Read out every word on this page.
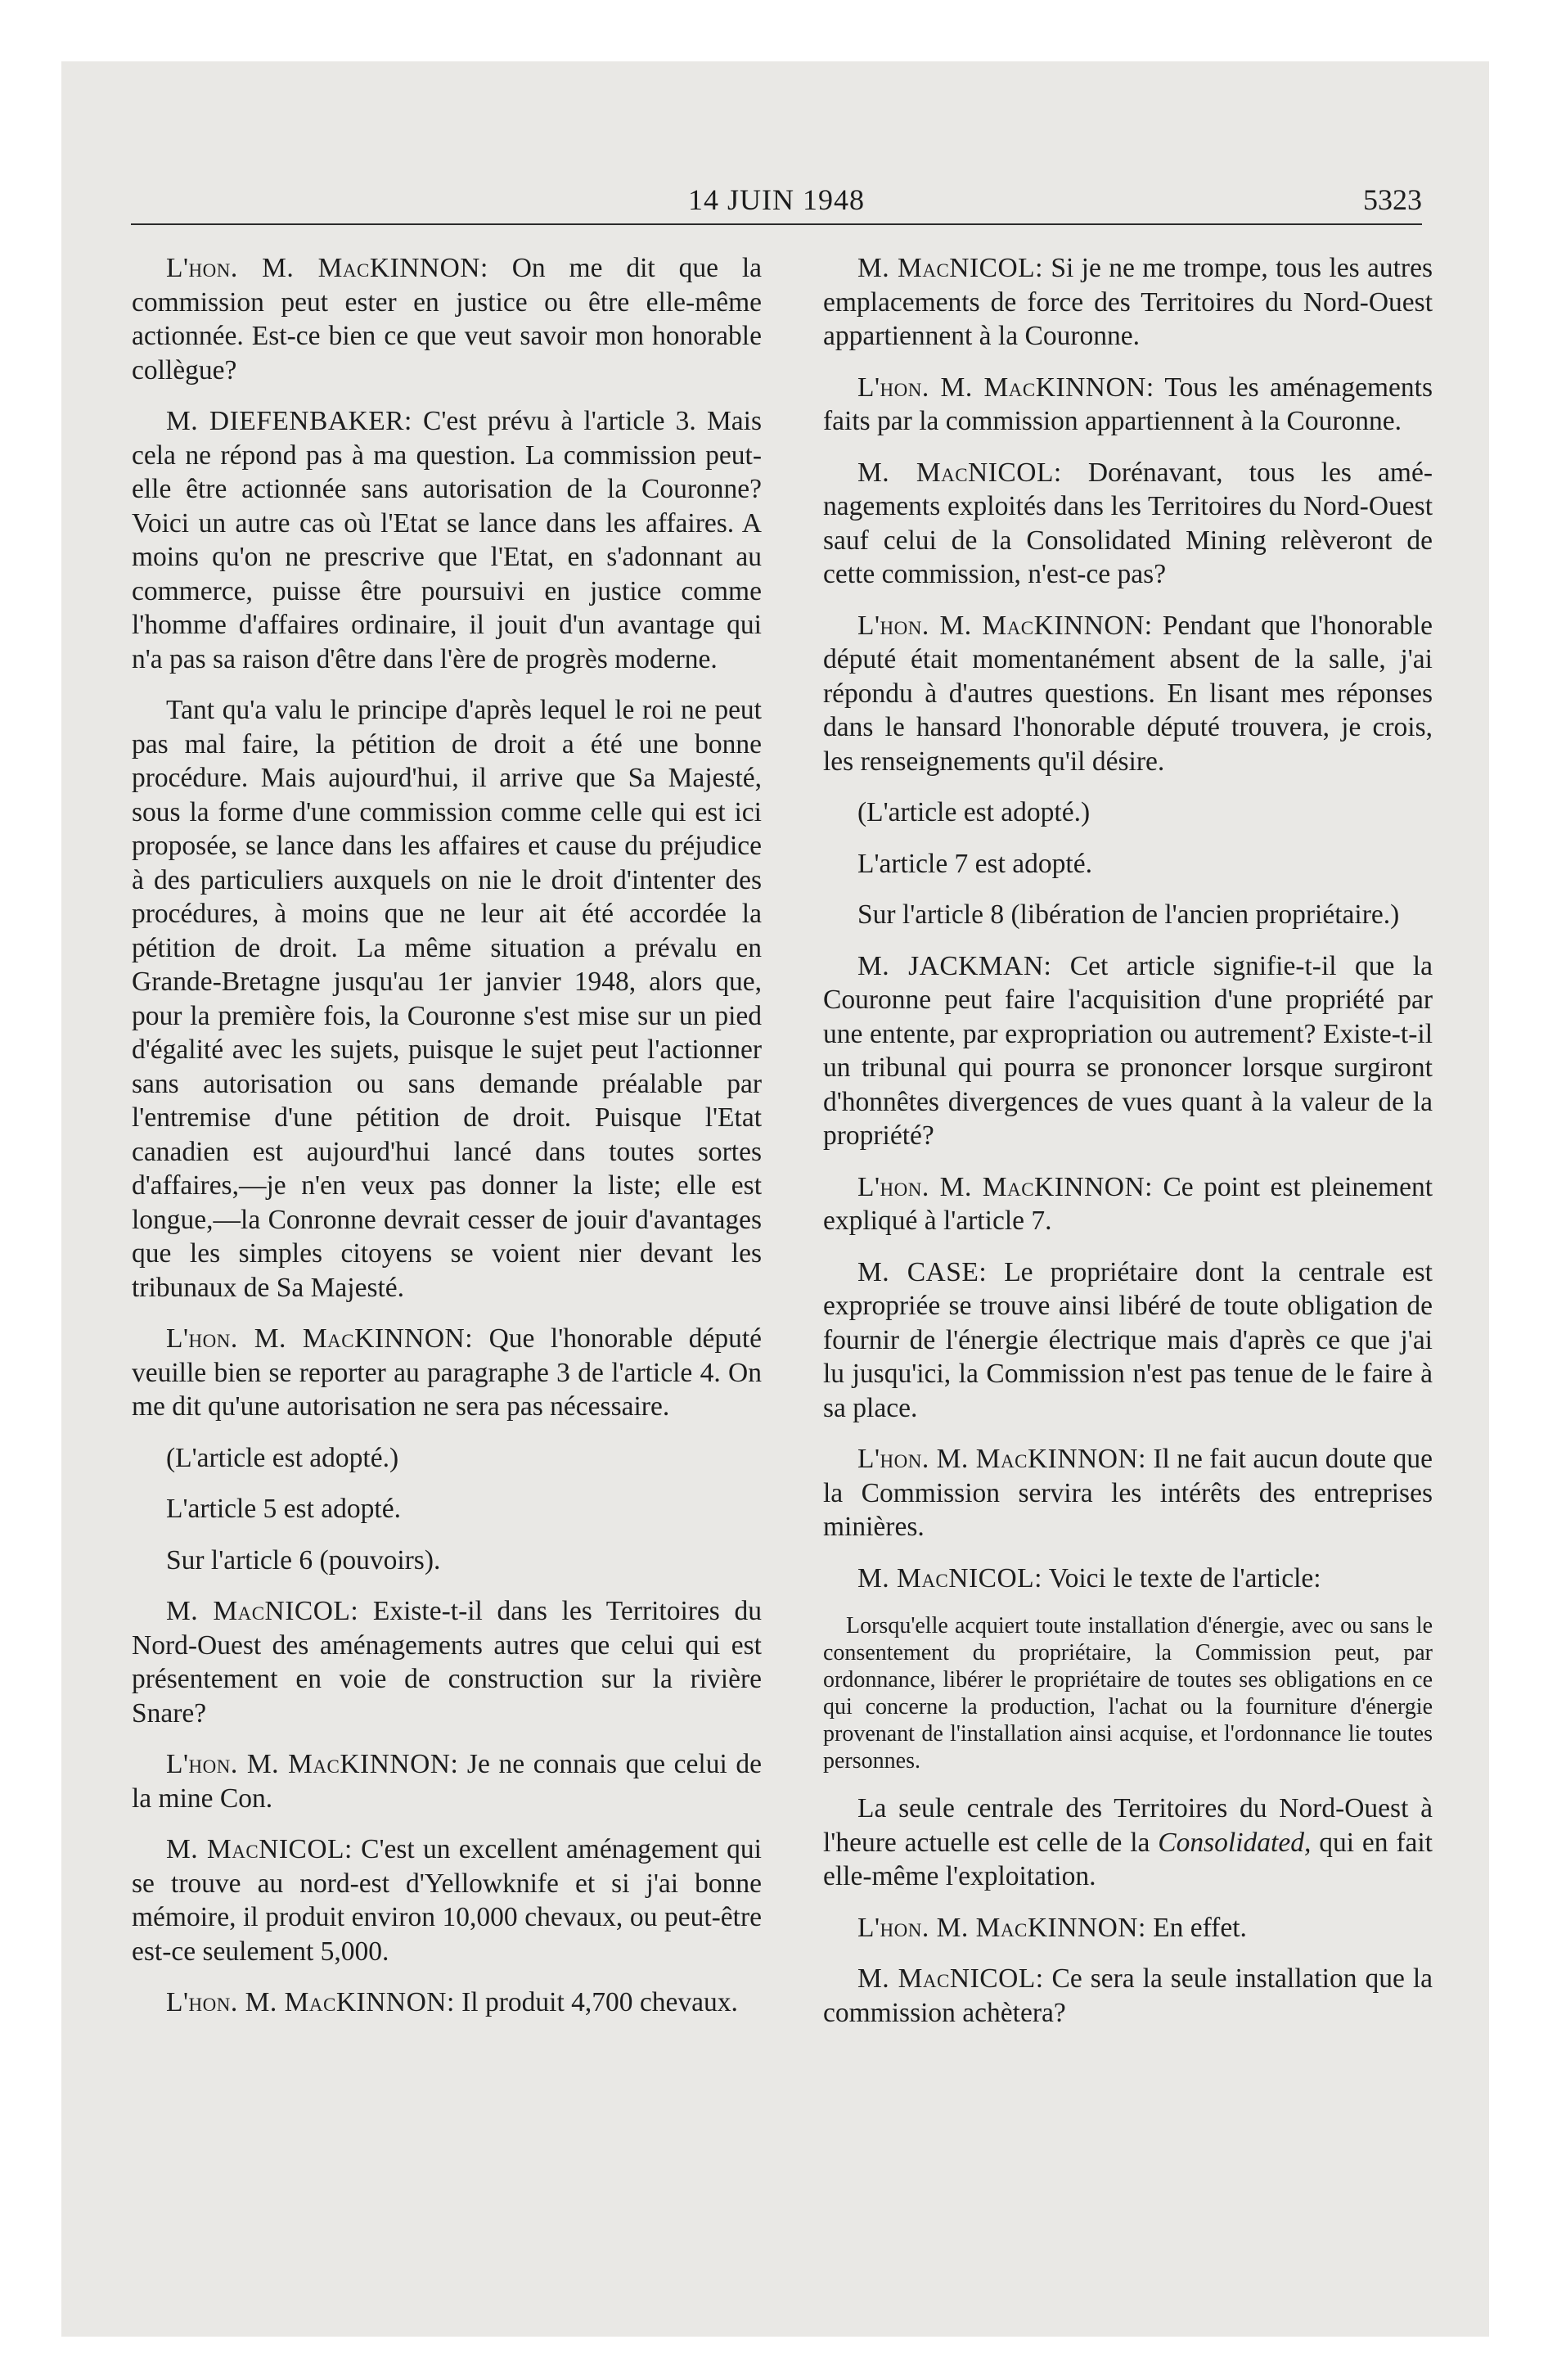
14 JUIN 1948	5323

L'hon. M. MacKINNON: On me dit que la commission peut ester en justice ou être elle-même actionnée. Est-ce bien ce que veut savoir mon honorable collègue?

M. DIEFENBAKER: C'est prévu à l'article 3. Mais cela ne répond pas à ma question. La commission peut-elle être actionnée sans autorisation de la Couronne? Voici un autre cas où l'Etat se lance dans les affaires. A moins qu'on ne prescrive que l'Etat, en s'adonnant au commerce, puisse être poursuivi en justice comme l'homme d'affaires ordinaire, il jouit d'un avantage qui n'a pas sa raison d'être dans l'ère de progrès moderne.

Tant qu'a valu le principe d'après lequel le roi ne peut pas mal faire, la pétition de droit a été une bonne procédure. Mais aujourd'hui, il arrive que Sa Majesté, sous la forme d'une commission comme celle qui est ici proposée, se lance dans les affaires et cause du préjudice à des particuliers auxquels on nie le droit d'intenter des procédures, à moins que ne leur ait été accordée la pétition de droit. La même situation a prévalu en Grande-Bretagne jusqu'au 1er janvier 1948, alors que, pour la première fois, la Couronne s'est mise sur un pied d'égalité avec les sujets, puisque le sujet peut l'actionner sans autorisation ou sans demande préalable par l'entremise d'une pétition de droit. Puisque l'Etat canadien est aujourd'hui lancé dans toutes sortes d'affaires,—je n'en veux pas donner la liste; elle est longue,—la Conronne devrait cesser de jouir d'avantages que les simples citoyens se voient nier devant les tribunaux de Sa Majesté.

L'hon. M. MacKINNON: Que l'honorable député veuille bien se reporter au paragraphe 3 de l'article 4. On me dit qu'une autorisation ne sera pas nécessaire.

(L'article est adopté.)

L'article 5 est adopté.

Sur l'article 6 (pouvoirs).

M. MacNICOL: Existe-t-il dans les Territoires du Nord-Ouest des aménagements autres que celui qui est présentement en voie de construction sur la rivière Snare?

L'hon. M. MacKINNON: Je ne connais que celui de la mine Con.

M. MacNICOL: C'est un excellent aménagement qui se trouve au nord-est d'Yellowknife et si j'ai bonne mémoire, il produit environ 10,000 chevaux, ou peut-être est-ce seulement 5,000.

L'hon. M. MacKINNON: Il produit 4,700 chevaux.

M. MacNICOL: Si je ne me trompe, tous les autres emplacements de force des Territoires du Nord-Ouest appartiennent à la Couronne.

L'hon. M. MacKINNON: Tous les aménagements faits par la commission appartiennent à la Couronne.

M. MacNICOL: Dorénavant, tous les aménagements exploités dans les Territoires du Nord-Ouest sauf celui de la Consolidated Mining relèveront de cette commission, n'est-ce pas?

L'hon. M. MacKINNON: Pendant que l'honorable député était momentanément absent de la salle, j'ai répondu à d'autres questions. En lisant mes réponses dans le hansard l'honorable député trouvera, je crois, les renseignements qu'il désire.

(L'article est adopté.)

L'article 7 est adopté.

Sur l'article 8 (libération de l'ancien propriétaire.)

M. JACKMAN: Cet article signifie-t-il que la Couronne peut faire l'acquisition d'une propriété par une entente, par expropriation ou autrement? Existe-t-il un tribunal qui pourra se prononcer lorsque surgiront d'honnêtes divergences de vues quant à la valeur de la propriété?

L'hon. M. MacKINNON: Ce point est pleinement expliqué à l'article 7.

M. CASE: Le propriétaire dont la centrale est expropriée se trouve ainsi libéré de toute obligation de fournir de l'énergie électrique mais d'après ce que j'ai lu jusqu'ici, la Commission n'est pas tenue de le faire à sa place.

L'hon. M. MacKINNON: Il ne fait aucun doute que la Commission servira les intérêts des entreprises minières.

M. MacNICOL: Voici le texte de l'article:

Lorsqu'elle acquiert toute installation d'énergie, avec ou sans le consentement du propriétaire, la Commission peut, par ordonnance, libérer le propriétaire de toutes ses obligations en ce qui concerne la production, l'achat ou la fourniture d'énergie provenant de l'installation ainsi acquise, et l'ordonnance lie toutes personnes.

La seule centrale des Territoires du Nord-Ouest à l'heure actuelle est celle de la Consolidated, qui en fait elle-même l'exploitation.

L'hon. M. MacKINNON: En effet.

M. MacNICOL: Ce sera la seule installation que la commission achètera?
